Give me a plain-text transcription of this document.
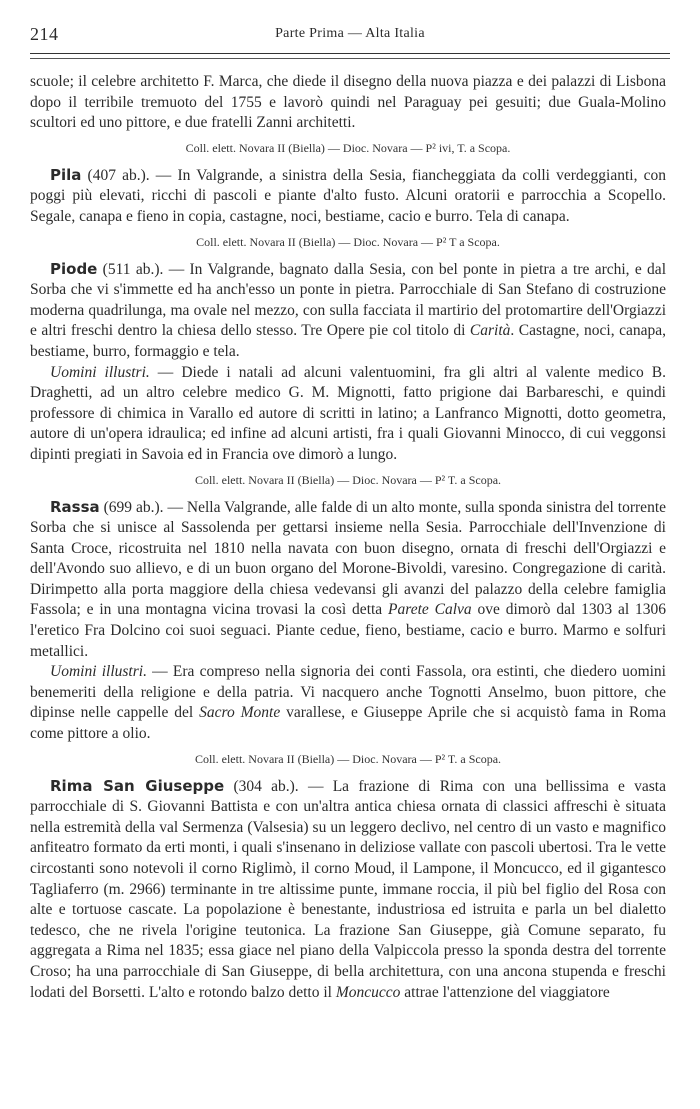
214	Parte Prima — Alta Italia

scuole; il celebre architetto F. Marca, che diede il disegno della nuova piazza e dei palazzi di Lisbona dopo il terribile tremuoto del 1755 e lavorò quindi nel Paraguay pei gesuiti; due Guala-Molino scultori ed uno pittore, e due fratelli Zanni architetti.

Coll. elett. Novara II (Biella) — Dioc. Novara — P² ivi, T. a Scopa.

Pila (407 ab.). — In Valgrande, a sinistra della Sesia, fiancheggiata da colli verdeggianti, con poggi più elevati, ricchi di pascoli e piante d'alto fusto. Alcuni oratorii e parrocchia a Scopello. Segale, canapa e fieno in copia, castagne, noci, bestiame, cacio e burro. Tela di canapa.

Coll. elett. Novara II (Biella) — Dioc. Novara — P² T a Scopa.

Piode (511 ab.). — In Valgrande, bagnato dalla Sesia, con bel ponte in pietra a tre archi, e dal Sorba che vi s'immette ed ha anch'esso un ponte in pietra. Parrocchiale di San Stefano di costruzione moderna quadrilunga, ma ovale nel mezzo, con sulla facciata il martirio del protomartire dell'Orgiazzi e altri freschi dentro la chiesa dello stesso. Tre Opere pie col titolo di Carità. Castagne, noci, canapa, bestiame, burro, formaggio e tela.

Uomini illustri. — Diede i natali ad alcuni valentuomini, fra gli altri al valente medico B. Draghetti, ad un altro celebre medico G. M. Mignotti, fatto prigione dai Barbareschi, e quindi professore di chimica in Varallo ed autore di scritti in latino; a Lanfranco Mignotti, dotto geometra, autore di un'opera idraulica; ed infine ad alcuni artisti, fra i quali Giovanni Minocco, di cui veggonsi dipinti pregiati in Savoia ed in Francia ove dimorò a lungo.

Coll. elett. Novara II (Biella) — Dioc. Novara — P² T. a Scopa.

Rassa (699 ab.). — Nella Valgrande, alle falde di un alto monte, sulla sponda sinistra del torrente Sorba che si unisce al Sassolenda per gettarsi insieme nella Sesia. Parrocchiale dell'Invenzione di Santa Croce, ricostruita nel 1810 nella navata con buon disegno, ornata di freschi dell'Orgiazzi e dell'Avondo suo allievo, e di un buon organo del Morone-Bivoldi, varesino. Congregazione di carità. Dirimpetto alla porta maggiore della chiesa vedevansi gli avanzi del palazzo della celebre famiglia Fassola; e in una montagna vicina trovasi la così detta Parete Calva ove dimorò dal 1303 al 1306 l'eretico Fra Dolcino coi suoi seguaci. Piante cedue, fieno, bestiame, cacio e burro. Marmo e solfuri metallici.

Uomini illustri. — Era compreso nella signoria dei conti Fassola, ora estinti, che diedero uomini benemeriti della religione e della patria. Vi nacquero anche Tognotti Anselmo, buon pittore, che dipinse nelle cappelle del Sacro Monte varallese, e Giuseppe Aprile che si acquistò fama in Roma come pittore a olio.

Coll. elett. Novara II (Biella) — Dioc. Novara — P² T. a Scopa.

Rima San Giuseppe (304 ab.). — La frazione di Rima con una bellissima e vasta parrocchiale di S. Giovanni Battista e con un'altra antica chiesa ornata di classici affreschi è situata nella estremità della val Sermenza (Valsesia) su un leggero declivo, nel centro di un vasto e magnifico anfiteatro formato da erti monti, i quali s'insenano in deliziose vallate con pascoli ubertosi. Tra le vette circostanti sono notevoli il corno Riglimò, il corno Moud, il Lampone, il Moncucco, ed il gigantesco Tagliaferro (m. 2966) terminante in tre altissime punte, immane roccia, il più bel figlio del Rosa con alte e tortuose cascate. La popolazione è benestante, industriosa ed istruita e parla un bel dialetto tedesco, che ne rivela l'origine teutonica. La frazione San Giuseppe, già Comune separato, fu aggregata a Rima nel 1835; essa giace nel piano della Valpiccola presso la sponda destra del torrente Croso; ha una parrocchiale di San Giuseppe, di bella architettura, con una ancona stupenda e freschi lodati del Borsetti. L'alto e rotondo balzo detto il Moncucco attrae l'attenzione del viaggiatore
